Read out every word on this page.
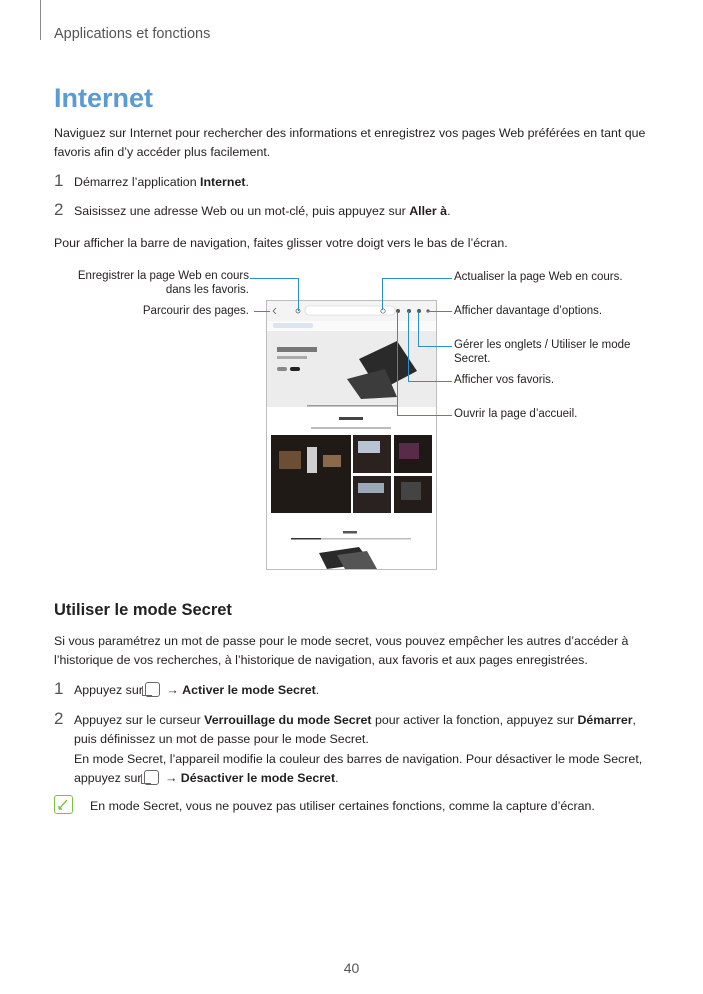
Applications et fonctions
Internet
Naviguez sur Internet pour rechercher des informations et enregistrez vos pages Web préférées en tant que favoris afin d’y accéder plus facilement.
1 Démarrez l’application Internet.
2 Saisissez une adresse Web ou un mot-clé, puis appuyez sur Aller à.
Pour afficher la barre de navigation, faites glisser votre doigt vers le bas de l’écran.
Enregistrer la page Web en cours dans les favoris.
Parcourir des pages.
Actualiser la page Web en cours.
Afficher davantage d’options.
Gérer les onglets / Utiliser le mode Secret.
Afficher vos favoris.
Ouvrir la page d’accueil.
Utiliser le mode Secret
Si vous paramétrez un mot de passe pour le mode secret, vous pouvez empêcher les autres d’accéder à l’historique de vos recherches, à l’historique de navigation, aux favoris et aux pages enregistrées.
1 Appuyez sur → Activer le mode Secret.
2 Appuyez sur le curseur Verrouillage du mode Secret pour activer la fonction, appuyez sur Démarrer, puis définissez un mot de passe pour le mode Secret.
En mode Secret, l’appareil modifie la couleur des barres de navigation. Pour désactiver le mode Secret, appuyez sur → Désactiver le mode Secret.
En mode Secret, vous ne pouvez pas utiliser certaines fonctions, comme la capture d’écran.
40
